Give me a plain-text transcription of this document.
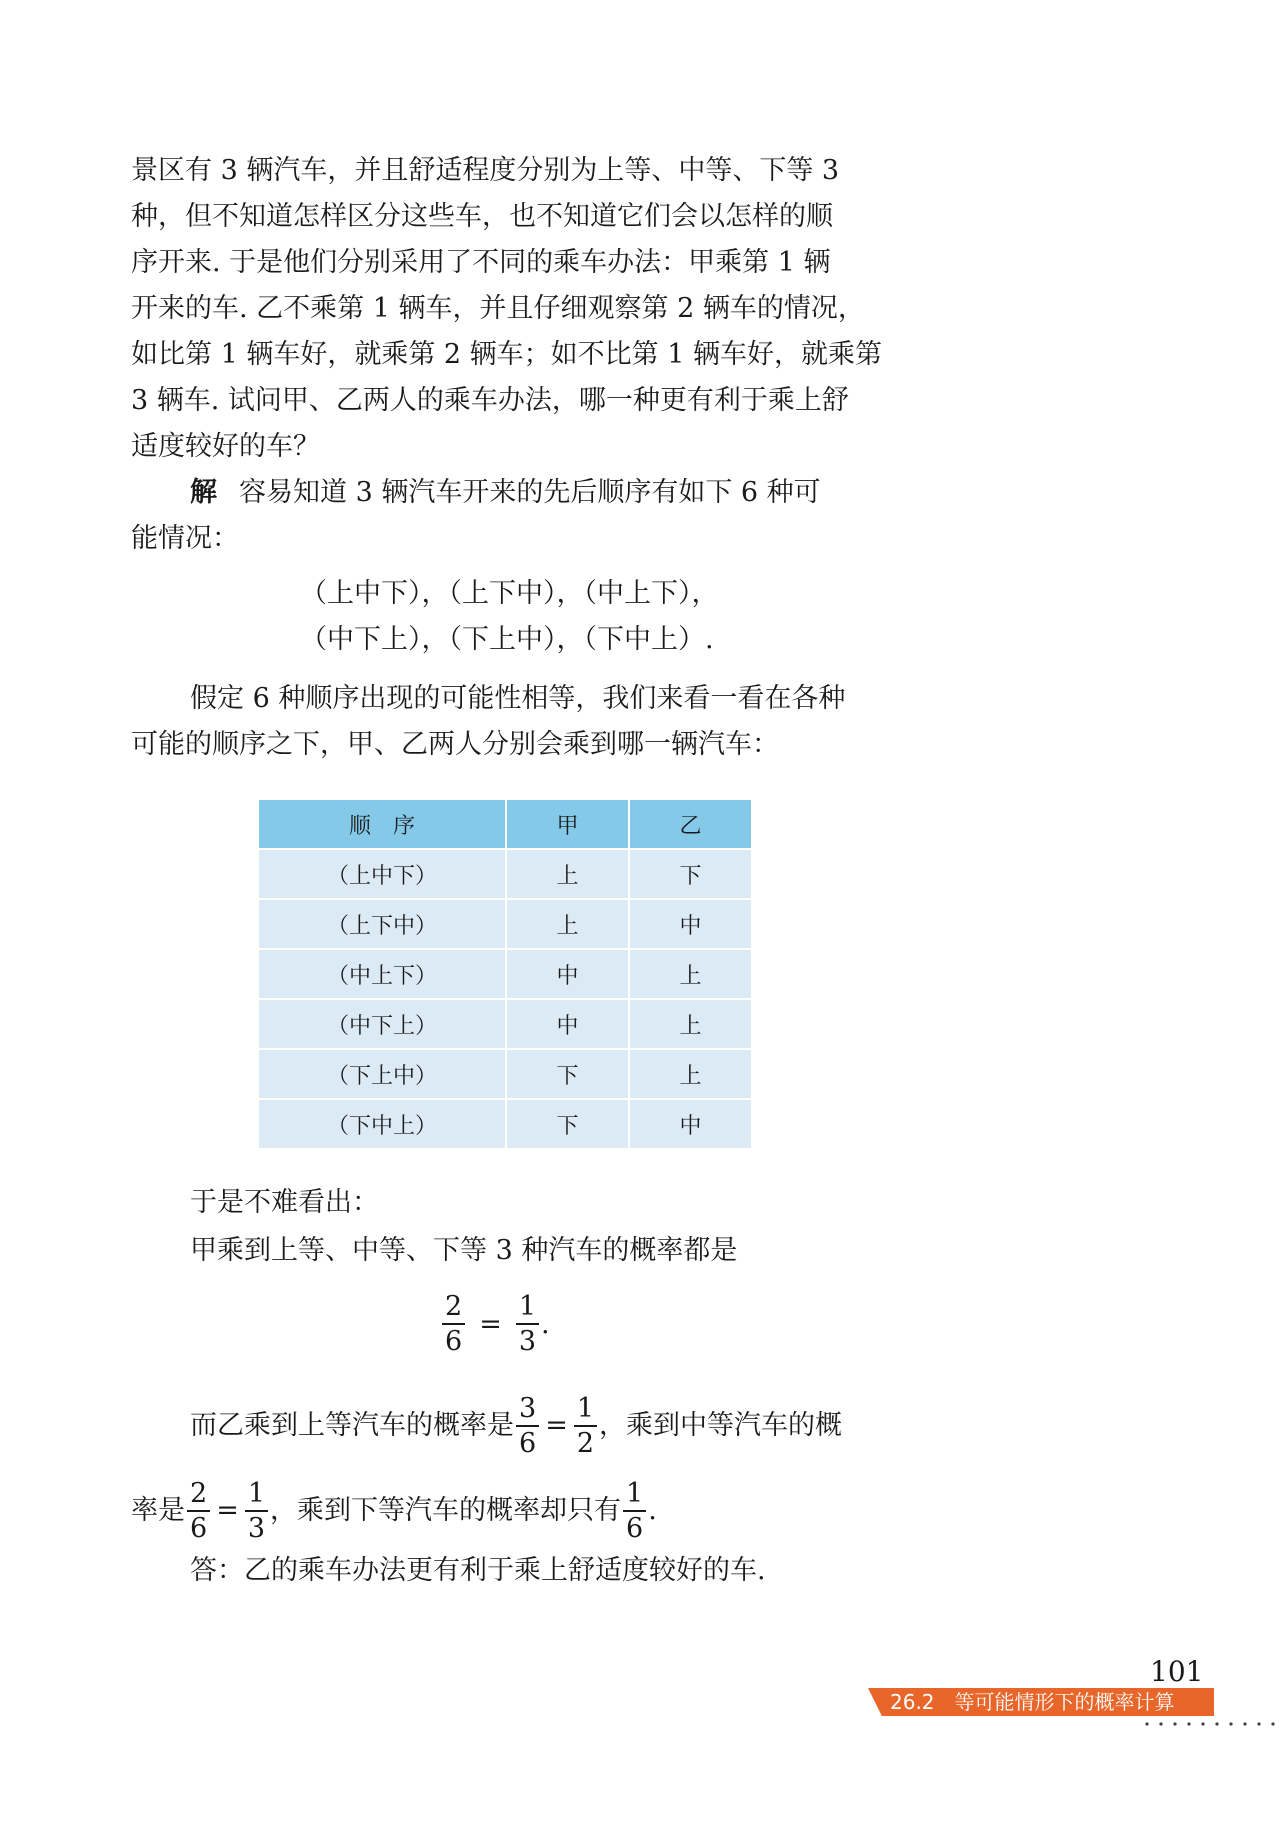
景区有 3 辆汽车，并且舒适程度分别为上等、中等、下等 3
种，但不知道怎样区分这些车，也不知道它们会以怎样的顺
序开来. 于是他们分别采用了不同的乘车办法：甲乘第 1 辆
开来的车. 乙不乘第 1 辆车，并且仔细观察第 2 辆车的情况，
如比第 1 辆车好，就乘第 2 辆车；如不比第 1 辆车好，就乘第
3 辆车. 试问甲、乙两人的乘车办法，哪一种更有利于乘上舒
适度较好的车？
解 容易知道 3 辆汽车开来的先后顺序有如下 6 种可
能情况：
（上中下），（上下中），（中上下），
（中下上），（下上中），（下中上）.
假定 6 种顺序出现的可能性相等，我们来看一看在各种
可能的顺序之下，甲、乙两人分别会乘到哪一辆汽车：
顺　序	甲	乙
（上中下）	上	下
（上下中）	上	中
（中上下）	中	上
（中下上）	中	上
（下上中）	下	上
（下中上）	下	中
于是不难看出：
甲乘到上等、中等、下等 3 种汽车的概率都是
$\frac{2}{6} = \frac{1}{3}$ .
而乙乘到上等汽车的概率是 $\frac{3}{6} = \frac{1}{2}$ ，乘到中等汽车的概
率是 $\frac{2}{6} = \frac{1}{3}$ ，乘到下等汽车的概率却只有 $\frac{1}{6}$ .
答：乙的乘车办法更有利于乘上舒适度较好的车.
101
26.2　等可能情形下的概率计算
